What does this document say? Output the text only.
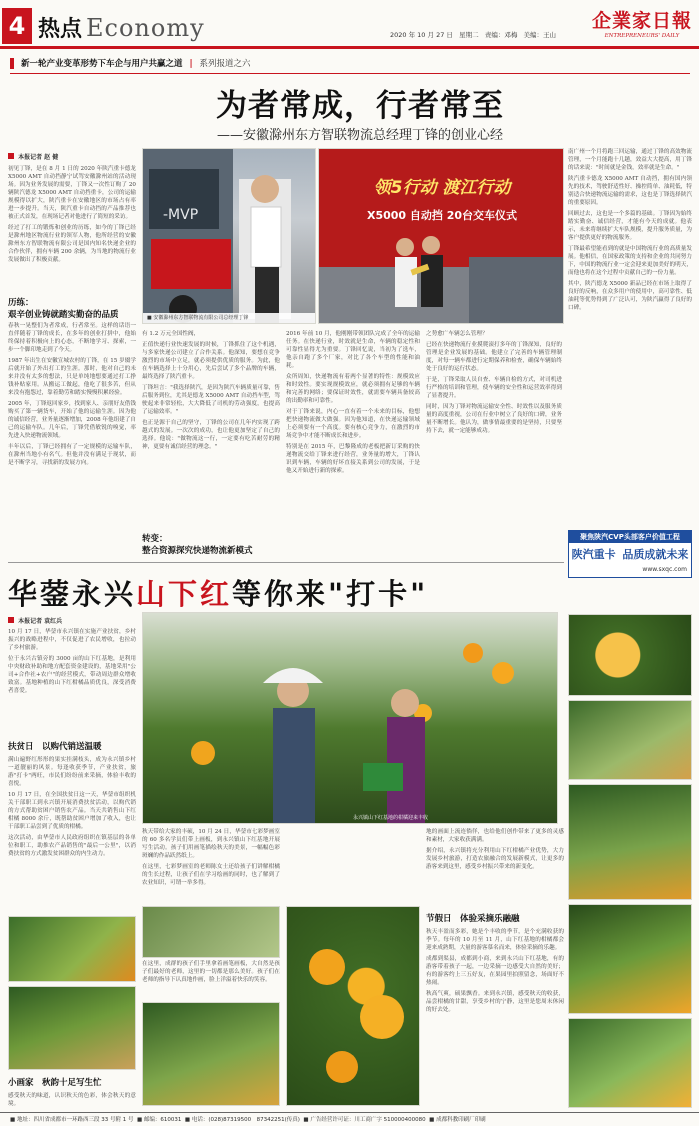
4 热点 Economy	2020 年 10 月 27 日 星期二 责编：邓梅 美编：王山
企業家日報
ENTREPRENEURS' DAILY
新一轮产业变革形势下车企与用户共赢之道 | 系列报道之六
为者常成，行者常至
——安徽滁州东方智联物流总经理丁锋的创业心经
本报记者 赵 健
-MVP
■ 安徽滁州东方智联物流有限公司总经理丁锋
领5行动 渡江行动
X5000 自动挡 20台交车仪式

初见丁锋，是在 8 月 1 日的 2020 年陕汽重卡德龙 X5000 AMT 自动挡静宁试驾安徽滁州站的活动现场。因为业务发展的需要，丁锋又一次性订购了 20 辆陕汽德龙 X5000 AMT 自动挡重卡，公司的运输规模得以扩大，陕汽重卡在安徽地区的市场占有率进一步提升。当天，陕汽重卡自动挡的产品推荐也被正式首发，在现场记者对他进行了简短的采访。

经过了打工的锻炼和创业的历练，如今的丁锋已经是滁州地区物流行业的领军人物，他所经营的安徽滁州东方智联物流有限公司是国内知名快递企业的合作伙伴，拥有车辆 200 余辆，为当地的物流行业发展做出了积极贡献。

历练：
艰辛创业铸就踏实勤奋的品质

春秋一晃整们为者常成，行者常至。这样的话语一直伴随着丁锋的成长，在多年的创业打拼中，他始终保持着积极向上的心态，不断地学习、探索，一步一个脚印地走到了今天。

1987 年出生在安徽宣城农村的丁锋，在 15 岁辍学后就开始了外出打工的生涯。那时，他对自己的未来并没有太多的想法，只是单纯地想要通过打工挣钱补贴家用。从搬运工做起，他吃了很多苦，但从来没有抱怨过，靠着勤劳和踏实慢慢积累经验。

2005 年，丁锋返回家乡，找到家人、亲朋好友借钱购买了第一辆货车，开始了他的运输生涯。因为他的诚信经营，业务量逐渐增加，2008 年他组建了自己的运输车队。几年后，丁锋凭借敏锐的嗅觉，率先进入快递物流领域。

丰年以后，丁锋已经拥有了一定规模的运输车队，在滁州当地小有名气。但他并没有满足于现状，而是不断学习，寻找新的发展方向。

有 1.2 万元全国性阀，

正值快递行业快速发展的时候，丁锋抓住了这个机遇，与多家快递公司建立了合作关系。他深知，要想在竞争激烈的市场中立足，就必须提供优质的服务。为此，他在车辆选择上十分用心，先后尝试了多个品牌的车辆，最终选择了陕汽重卡。

丁锋坦言："我选择陕汽，是因为陕汽车辆质量可靠，售后服务到位，尤其是德龙 X5000 AMT 自动挡车型，驾驶起来非常轻松，大大降低了司机的劳动强度，也提高了运输效率。"

也正是源于自己的坚守，丁锋的公司在几年内实现了跨越式的发展。一次次的成功，也让他更加坚定了自己的选择。他说："做物流这一行，一定要有吃苦耐劳的精神，更要有诚信经营的理念。"

转变：
整合资源探究快递物流新模式

2016 年前 10 月，他刚刚带领团队完成了全年的运输任务。在快递行业，时效就是生命，车辆的稳定性和可靠性显得尤为重要。丁锋回忆说，当初为了选车，他亲自跑了多个厂家，对比了各个车型的性能和油耗。

众所周知，快递物流有着两个显著的特性：规模效应和时效性。要实现规模效应，就必须拥有足够的车辆和完善的网络；要保证时效性，就需要车辆具备较高的出勤率和可靠性。

对于丁锋来说，内心一直有着一个未来的目标，他想把快递物流做大做强。因为他知道，在快递运输领域上必须要有一个高度。要有核心竞争力，在激烈的市场竞争中才能不断成长和进步。

特别是在 2015 年，巴黎隆成的老板把新订采购的快递物流交给丁锋来进行经营，业务量的增大，丁锋认识到车辆，车辆的好坏直接关系到公司的发展，于是他又开始进行新的探索。

之势愈广车辆怎么管理？

已经在快递物流行业摸爬滚打多年的丁锋深知，良好的管理是企业发展的基础。他建立了完善的车辆管理制度，对每一辆车都进行定期保养和检查，确保车辆始终处于良好的运行状态。

于是，丁锋采取人员自查、车辆自检的方式，对司机进行严格的培训和管理，使车辆的安全性和运营效率得到了显著提升。

同时，因为丁锋对物流运输安全性、时效性以及服务质量的高度重视，公司在行业中树立了良好的口碑，业务量不断增长。他认为，做事情最重要的是坚持，只要坚持下去，就一定能够成功。

南广州一个月将跑三回运输，通过丁锋的高效物流管理，一个月能跑十几趟，效益大大提高，用丁锋的话来说："时间就是金钱，效率就是生命。"

陕汽重卡德龙 X5000 AMT 自动挡，拥有国内领先的技术，驾驶舒适性好、操控简单、油耗低，特别适合快递物流运输的需求，这也是丁锋选择陕汽的重要原因。

回顾过去，这也是一个多篇的基础。丁锋因为始终踏实勤奋、诚信经营，才能有今天的成就。他表示，未来将继续扩大车队规模，提升服务质量，为客户提供更好的物流服务。

丁锋最希望能看到的就是中国物流行业的高质量发展。他相信，在国家政策的支持和企业的共同努力下，中国的物流行业一定会迎来更加美好的明天，而他也将在这个过程中贡献自己的一份力量。

其中，陕汽德龙 X5000 新品已经在市场上取得了良好的反响，在众多用户的使用中，高可靠性、低油耗等优势得到了广泛认可，为陕汽赢得了良好的口碑。

聚焦陕汽CVP头部客户价值工程
陕汽重卡 品质成就未来
www.sxqc.com
华蓥永兴山下红等你来"打卡"
本报记者 袁红兵

10 月 17 日，华蓥市永兴镇在实施产业扶贫，乡村振兴的战略进程中，不仅促进了农民增收，也拉动了乡村旅游。

位于永兴古镇旁的 3000 亩的山下红基地，是利用中央财政补助和地方配套资金建设的，基地采用"公司+合作社+农户"的经营模式，带动周边群众增收致富。基地种植的山下红柑橘品质优良，深受消费者喜爱。

扶贫日　以购代销送温暖

满山遍野红彤彤的果实挂满枝头，成为永兴镇乡村一道靓丽的风景。每逢收获季节，产业扶贫，旅游"打卡"两旺，市民们纷纷前来采摘，体验丰收的喜悦。

10 月 17 日，在全国扶贫日这一天，华蓥市组织机关干部职工到永兴镇开展消费扶贫活动，以购代销的方式帮助贫困户销售农产品。当天共销售山下红柑橘 8000 余斤，既帮助贫困户增加了收入，也让干部职工品尝到了优质的柑橘。

这次活动，由华蓥市人民政府组织在镇基层的各单位和职工，助推农产品销售的"最后一公里"，以消费扶贫的方式激发贫困群众的内生动力。

小画家　秋韵十足写生忙

感受秋天的味道，认识秋天的色彩，体会秋天的意境。

永兴镇山下红基地的柑橘迎来丰收

秋天带给大家的丰硕，10 月 24 日，华蓥市七彩梦画室的 60 多名学员们带上画板，到永兴镇山下红基地开展写生活动。孩子们用画笔描绘秋天的美景，一幅幅色彩斑斓的作品跃然纸上。

在这里，七彩梦画室的老师陈女士还给孩子们讲解柑橘的生长过程，让孩子们在学习绘画的同时，也了解到了农业知识，可谓一举多得。

在这里，成群的孩子们手里拿着画笔画板，大自然是孩子们最好的老师，这里的一切都是那么美好。孩子们在老师的指导下认真地作画，脸上洋溢着快乐的笑容。

地的画面上流连徜徉，也给他们创作带来了更多的灵感和素材，大家收获满满。

据介绍，永兴镇将充分利用山下红柑橘产业优势，大力发展乡村旅游，打造农旅融合的发展新模式，让更多的游客来到这里，感受乡村振兴带来的新变化。

节假日　体验采摘乐融融

秋天丰盈而多彩，她是个丰收的季节，是个充满收获的季节。每年的 10 月至 11 月，山下红基地的柑橘都会迎来成熟期，大量的游客慕名而来，体验采摘的乐趣。

成都到渠县，成都到小商，来到永兴山下红基地，有的游客带着孩子一起，一边采摘一边感受大自然的美好；有的游客约上三五好友，在果园里拍照留念，场面好不热闹。

秋高气爽，硕果飘香。来到永兴镇，感受秋天的收获，品尝柑橘的甘甜，享受乡村的宁静，这里是您周末休闲的好去处。

■ 地址：四川省成都市一环路西三段 33 号附 1 号  ■ 邮编：610031  ■ 电话：(028)87319500　87342251(传真)  ■ 广告经营许可证：川工商广字 510000400080  ■ 成都科教印刷厂印刷
